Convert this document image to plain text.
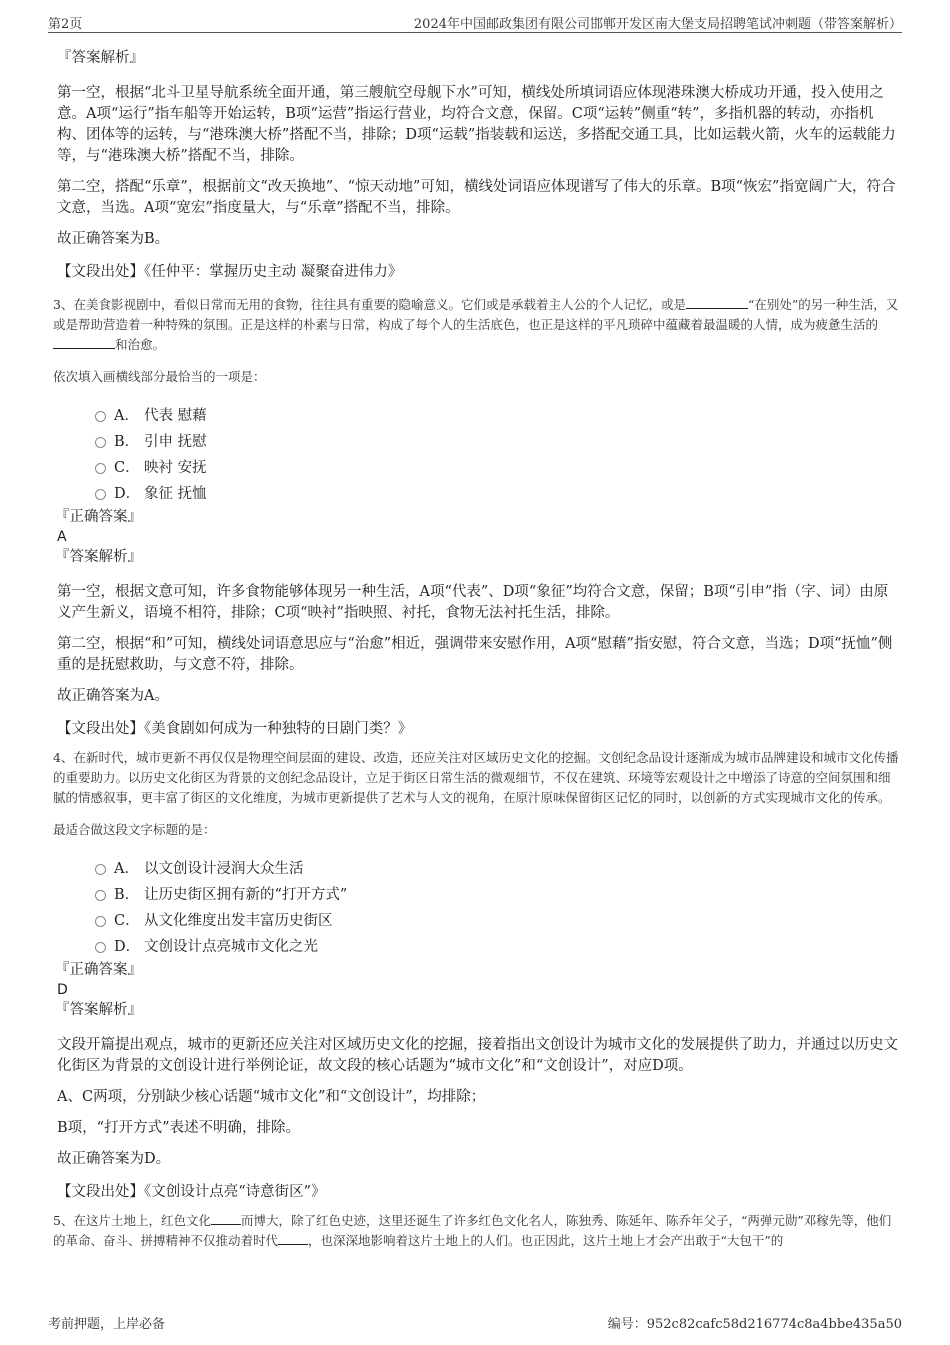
第2页	2024年中国邮政集团有限公司邯郸开发区南大堡支局招聘笔试冲刺题（带答案解析）

『答案解析』

第一空，根据“北斗卫星导航系统全面开通，第三艘航空母舰下水”可知，横线处所填词语应体现港珠澳大桥成功开通，投入使用之意。A项“运行”指车船等开始运转，B项“运营”指运行营业，均符合文意，保留。C项“运转”侧重“转”，多指机器的转动，亦指机构、团体等的运转，与“港珠澳大桥”搭配不当，排除；D项“运载”指装载和运送，多搭配交通工具，比如运载火箭，火车的运载能力等，与“港珠澳大桥”搭配不当，排除。

第二空，搭配“乐章”，根据前文“改天换地”、“惊天动地”可知，横线处词语应体现谱写了伟大的乐章。B项“恢宏”指宽阔广大，符合文意，当选。A项“宽宏”指度量大，与“乐章”搭配不当，排除。

故正确答案为B。

【文段出处】《任仲平：掌握历史主动 凝聚奋进伟力》

3、在美食影视剧中，看似日常而无用的食物，往往具有重要的隐喻意义。它们或是承载着主人公的个人记忆，或是	“在别处”的另一种生活，又或是帮助营造着一种特殊的氛围。正是这样的朴素与日常，构成了每个人的生活底色，也正是这样的平凡琐碎中蕴藏着最温暖的人情，成为疲惫生活的和治愈。

依次填入画横线部分最恰当的一项是：

A． 代表 慰藉
B． 引申 抚慰
C． 映衬 安抚
D． 象征 抚恤

『正确答案』

A

『答案解析』

第一空，根据文意可知，许多食物能够体现另一种生活，A项“代表”、D项“象征”均符合文意，保留；B项“引申”指（字、词）由原义产生新义，语境不相符，排除；C项“映衬”指映照、衬托，食物无法衬托生活，排除。

第二空，根据“和”可知，横线处词语意思应与“治愈”相近，强调带来安慰作用，A项“慰藉”指安慰，符合文意，当选；D项“抚恤”侧重的是抚慰救助，与文意不符，排除。

故正确答案为A。

【文段出处】《美食剧如何成为一种独特的日剧门类？》

4、在新时代，城市更新不再仅仅是物理空间层面的建设、改造，还应关注对区域历史文化的挖掘。文创纪念品设计逐渐成为城市品牌建设和城市文化传播的重要助力。以历史文化街区为背景的文创纪念品设计，立足于街区日常生活的微观细节，不仅在建筑、环境等宏观设计之中增添了诗意的空间氛围和细腻的情感叙事，更丰富了街区的文化维度，为城市更新提供了艺术与人文的视角，在原汁原味保留街区记忆的同时，以创新的方式实现城市文化的传承。

最适合做这段文字标题的是：

A． 以文创设计浸润大众生活
B． 让历史街区拥有新的“打开方式”
C． 从文化维度出发丰富历史街区
D． 文创设计点亮城市文化之光

『正确答案』

D

『答案解析』

文段开篇提出观点，城市的更新还应关注对区域历史文化的挖掘，接着指出文创设计为城市文化的发展提供了助力，并通过以历史文化街区为背景的文创设计进行举例论证，故文段的核心话题为“城市文化”和“文创设计”，对应D项。

A、C两项，分别缺少核心话题“城市文化”和“文创设计”，均排除；

B项，“打开方式”表述不明确，排除。

故正确答案为D。

【文段出处】《文创设计点亮“诗意街区”》

5、在这片土地上，红色文化 而博大，除了红色史迹，这里还诞生了许多红色文化名人，陈独秀、陈延年、陈乔年父子，“两弹元勋”邓稼先等，他们的革命、奋斗、拼搏精神不仅推动着时代 ，也深深地影响着这片土地上的人们。也正因此，这片土地上才会产出敢于“大包干”的

考前押题，上岸必备	编号：952c82cafc58d216774c8a4bbe435a50
